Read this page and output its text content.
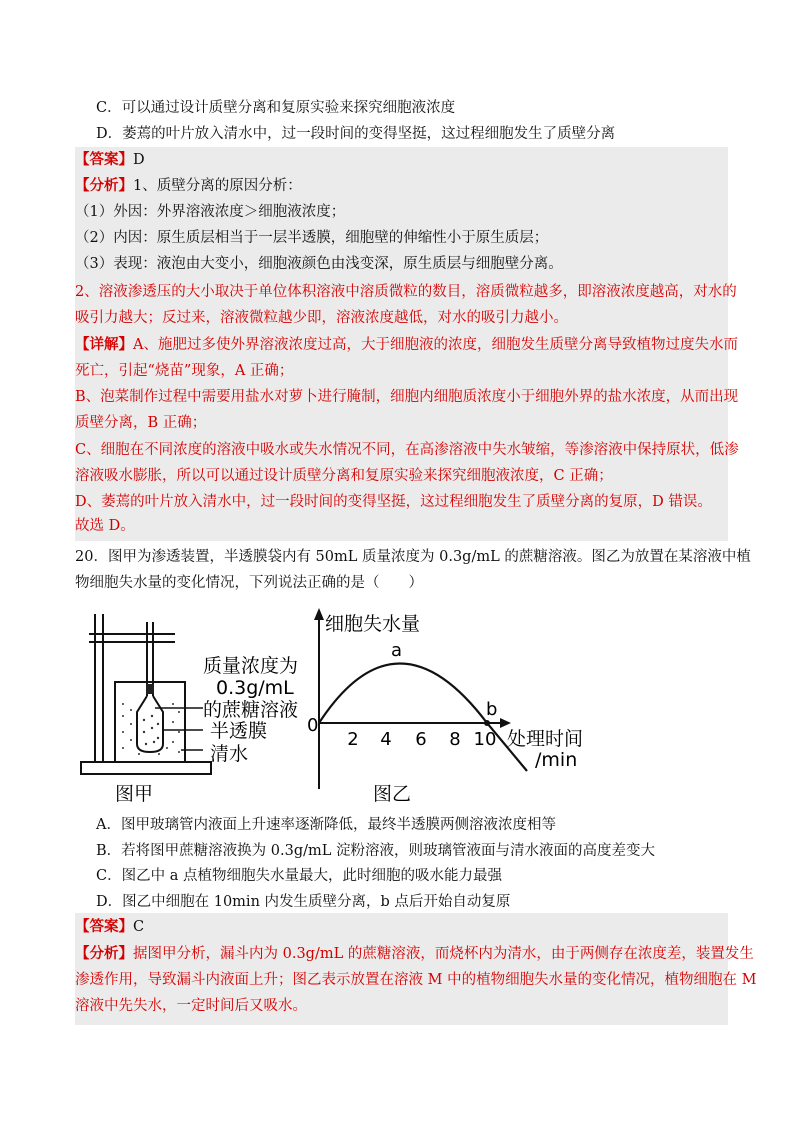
C．可以通过设计质壁分离和复原实验来探究细胞液浓度
D．萎蔫的叶片放入清水中，过一段时间的变得坚挺，这过程细胞发生了质壁分离
【答案】D
【分析】1、质壁分离的原因分析：
（1）外因：外界溶液浓度＞细胞液浓度；
（2）内因：原生质层相当于一层半透膜，细胞壁的伸缩性小于原生质层；
（3）表现：液泡由大变小，细胞液颜色由浅变深，原生质层与细胞壁分离。
2、溶液渗透压的大小取决于单位体积溶液中溶质微粒的数目，溶质微粒越多，即溶液浓度越高，对水的
吸引力越大；反过来，溶液微粒越少即，溶液浓度越低，对水的吸引力越小。
【详解】A、施肥过多使外界溶液浓度过高，大于细胞液的浓度，细胞发生质壁分离导致植物过度失水而
死亡，引起“烧苗”现象，A 正确；
B、泡菜制作过程中需要用盐水对萝卜进行腌制，细胞内细胞质浓度小于细胞外界的盐水浓度，从而出现
质壁分离，B 正确；
C、细胞在不同浓度的溶液中吸水或失水情况不同，在高渗溶液中失水皱缩，等渗溶液中保持原状，低渗
溶液吸水膨胀，所以可以通过设计质壁分离和复原实验来探究细胞液浓度，C 正确；
D、萎蔫的叶片放入清水中，过一段时间的变得坚挺，这过程细胞发生了质壁分离的复原，D 错误。
故选 D。
20．图甲为渗透装置，半透膜袋内有 50mL 质量浓度为 0.3g/mL 的蔗糖溶液。图乙为放置在某溶液中植
物细胞失水量的变化情况，下列说法正确的是（　　）
质量浓度为
0.3g/mL
的蔗糖溶液
半透膜
清水
图甲
细胞失水量
a
b
0
2 4 6 8 10 处理时间
/min
图乙
A．图甲玻璃管内液面上升速率逐渐降低，最终半透膜两侧溶液浓度相等
B．若将图甲蔗糖溶液换为 0.3g/mL 淀粉溶液，则玻璃管液面与清水液面的高度差变大
C．图乙中 a 点植物细胞失水量最大，此时细胞的吸水能力最强
D．图乙中细胞在 10min 内发生质壁分离，b 点后开始自动复原
【答案】C
【分析】据图甲分析，漏斗内为 0.3g/mL 的蔗糖溶液，而烧杯内为清水，由于两侧存在浓度差，装置发生
渗透作用，导致漏斗内液面上升；图乙表示放置在溶液 M 中的植物细胞失水量的变化情况，植物细胞在 M
溶液中先失水，一定时间后又吸水。
